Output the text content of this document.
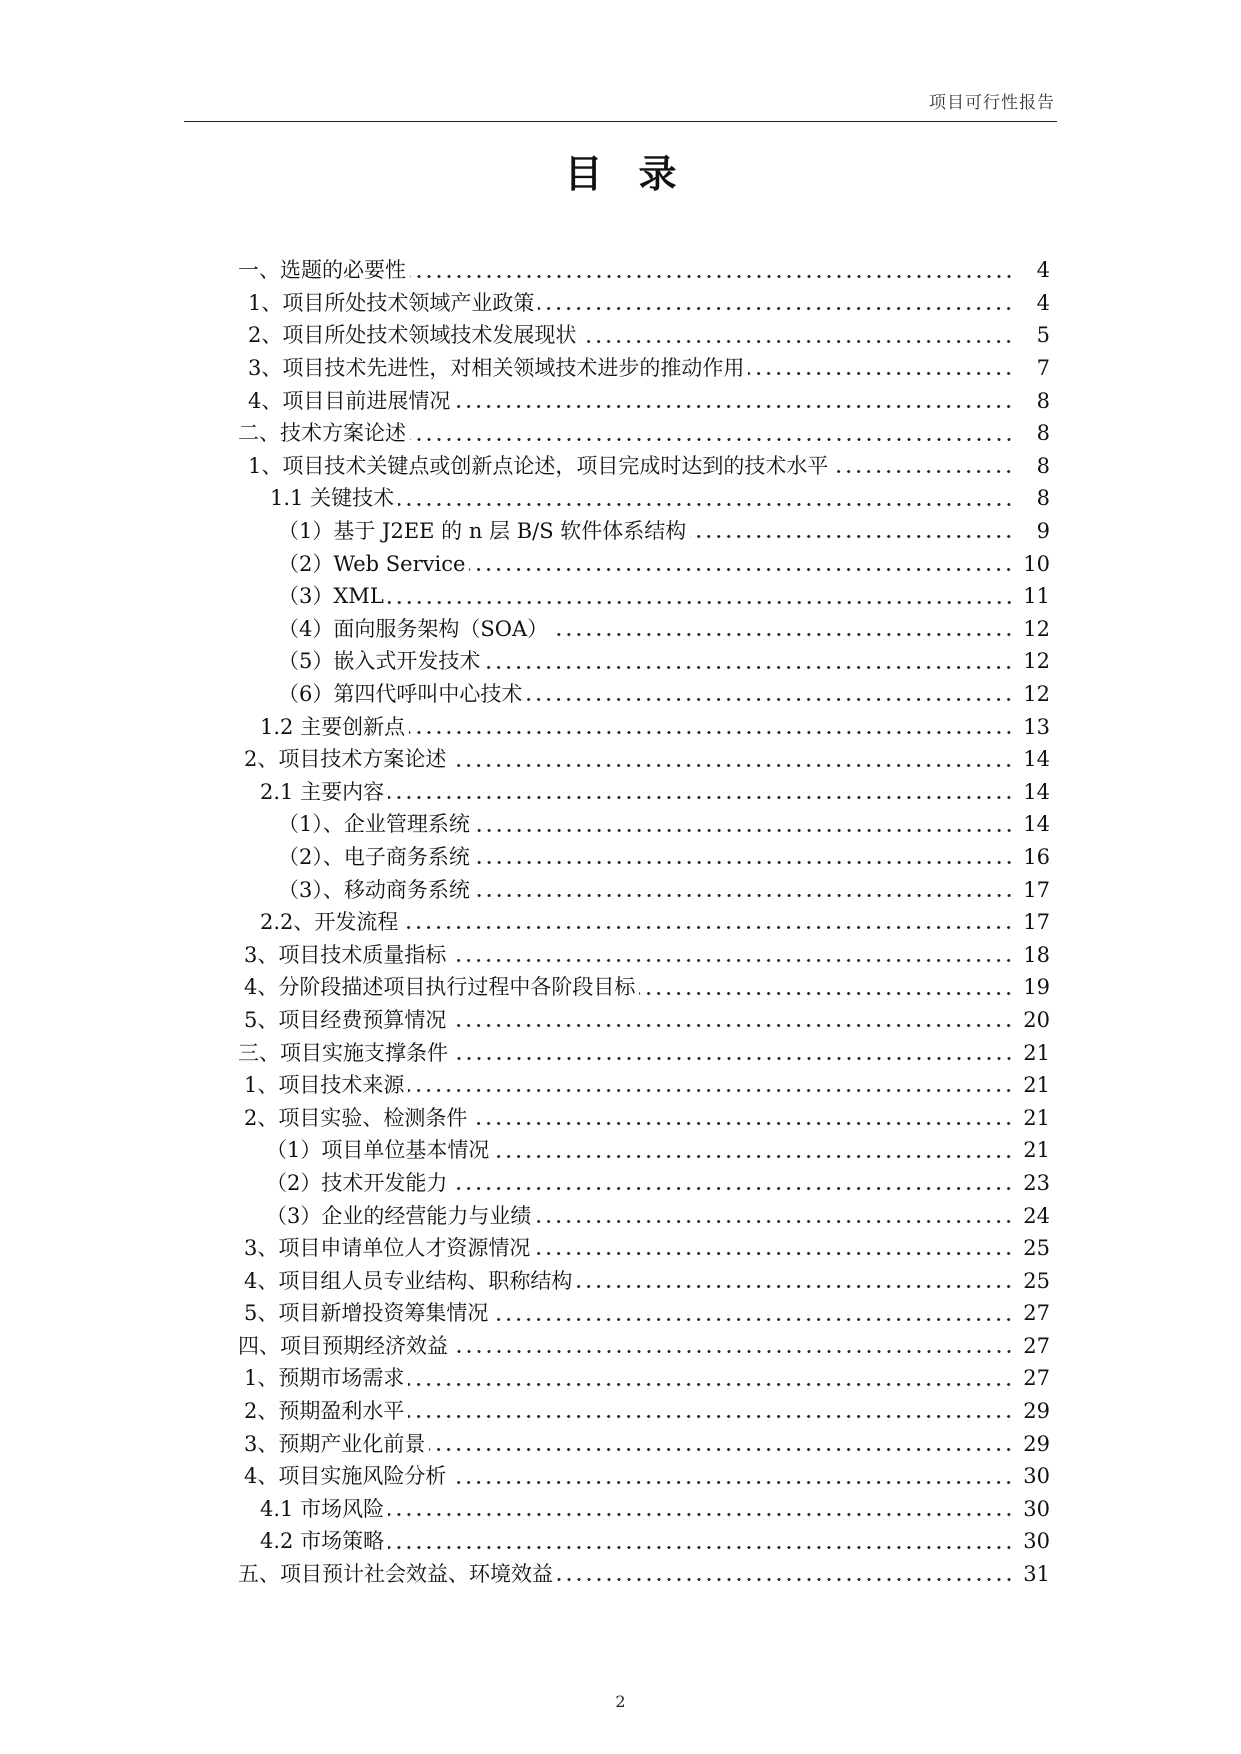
项目可行性报告
目录
一、选题的必要性	4
1、项目所处技术领域产业政策	4
2、项目所处技术领域技术发展现状	5
3、项目技术先进性，对相关领域技术进步的推动作用	7
4、项目目前进展情况	8
二、技术方案论述	8
1、项目技术关键点或创新点论述，项目完成时达到的技术水平	8
1.1 关键技术	8
（1）基于 J2EE 的 n 层 B/S 软件体系结构	9
（2）Web Service	10
（3）XML	11
（4）面向服务架构（SOA）	12
（5）嵌入式开发技术	12
（6）第四代呼叫中心技术	12
1.2 主要创新点	13
2、项目技术方案论述	14
2.1 主要内容	14
（1）、企业管理系统	14
（2）、电子商务系统	16
（3）、移动商务系统	17
2.2、开发流程	17
3、项目技术质量指标	18
4、分阶段描述项目执行过程中各阶段目标	19
5、项目经费预算情况	20
三、项目实施支撑条件	21
1、项目技术来源	21
2、项目实验、检测条件	21
（1）项目单位基本情况	21
（2）技术开发能力	23
（3）企业的经营能力与业绩	24
3、项目申请单位人才资源情况	25
4、项目组人员专业结构、职称结构	25
5、项目新增投资筹集情况	27
四、项目预期经济效益	27
1、预期市场需求	27
2、预期盈利水平	29
3、预期产业化前景	29
4、项目实施风险分析	30
4.1 市场风险	30
4.2 市场策略	30
五、项目预计社会效益、环境效益	31
2
